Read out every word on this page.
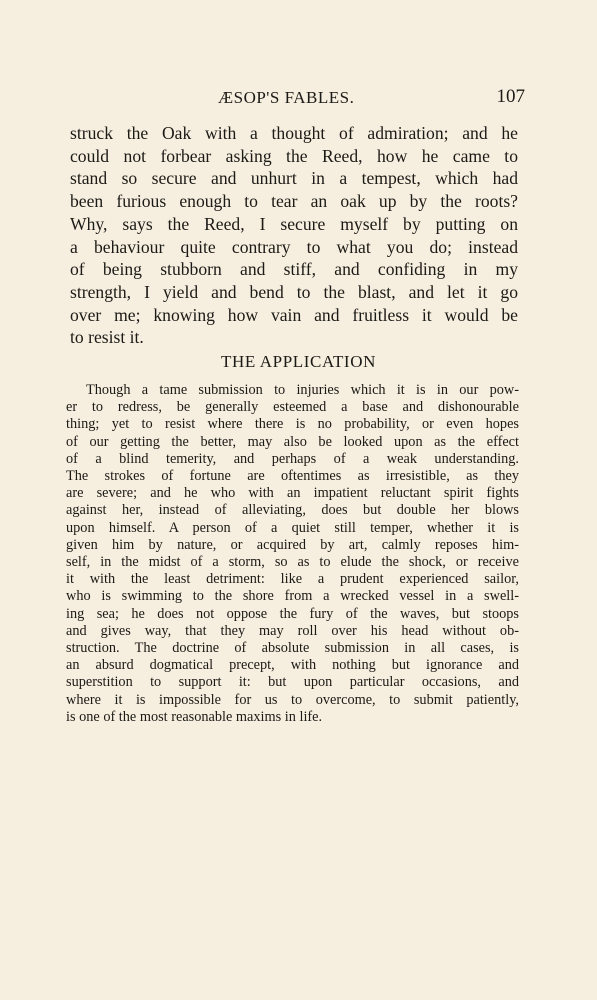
ÆSOP'S FABLES.	107
struck the Oak with a thought of admiration; and he
could not forbear asking the Reed, how he came to
stand so secure and unhurt in a tempest, which had
been furious enough to tear an oak up by the roots?
Why, says the Reed, I secure myself by putting on
a behaviour quite contrary to what you do; instead
of being stubborn and stiff, and confiding in my
strength, I yield and bend to the blast, and let it go
over me; knowing how vain and fruitless it would be
to resist it.
THE APPLICATION
Though a tame submission to injuries which it is in our pow-
er to redress, be generally esteemed a base and dishonourable
thing; yet to resist where there is no probability, or even hopes
of our getting the better, may also be looked upon as the effect
of a blind temerity, and perhaps of a weak understanding.
The strokes of fortune are oftentimes as irresistible, as they
are severe; and he who with an impatient reluctant spirit fights
against her, instead of alleviating, does but double her blows
upon himself. A person of a quiet still temper, whether it is
given him by nature, or acquired by art, calmly reposes him-
self, in the midst of a storm, so as to elude the shock, or receive
it with the least detriment: like a prudent experienced sailor,
who is swimming to the shore from a wrecked vessel in a swell-
ing sea; he does not oppose the fury of the waves, but stoops
and gives way, that they may roll over his head without ob-
struction. The doctrine of absolute submission in all cases, is
an absurd dogmatical precept, with nothing but ignorance and
superstition to support it: but upon particular occasions, and
where it is impossible for us to overcome, to submit patiently,
is one of the most reasonable maxims in life.
